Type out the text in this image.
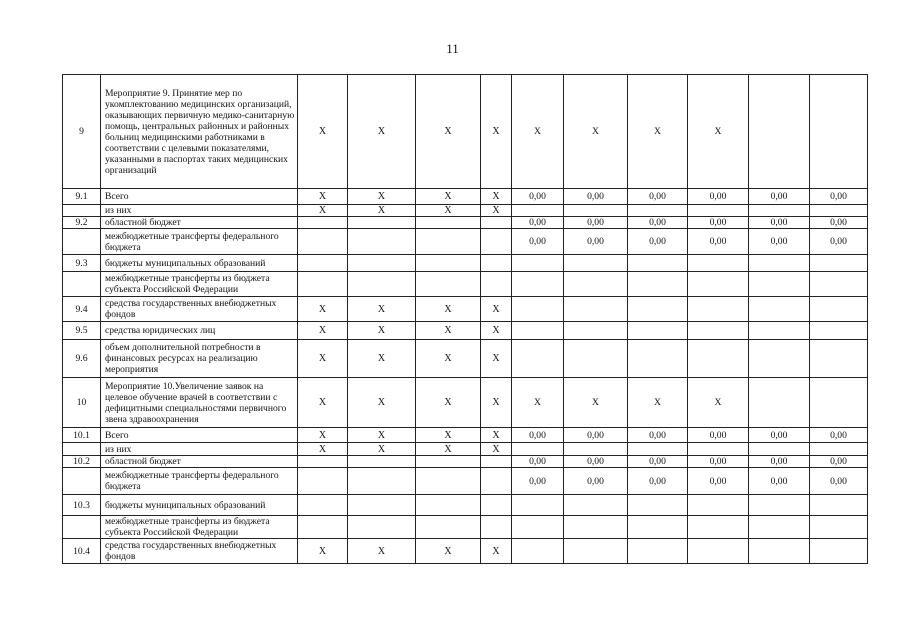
11
9	Мероприятие 9. Принятие мер по укомплектованию медицинских организаций, оказывающих первичную медико-санитарную помощь, центральных районных и районных больниц медицинскими работниками в соответствии с целевыми показателями, указанными в паспортах таких медицинских организаций	Х	Х	Х	Х	Х	Х	Х	Х		
9.1	Всего	Х	Х	Х	Х	0,00	0,00	0,00	0,00	0,00	0,00
	из них	Х	Х	Х	Х						
9.2	областной бюджет					0,00	0,00	0,00	0,00	0,00	0,00
	межбюджетные трансферты федерального бюджета					0,00	0,00	0,00	0,00	0,00	0,00
9.3	бюджеты муниципальных образований										
	межбюджетные трансферты из бюджета субъекта Российской Федерации										
9.4	средства государственных внебюджетных фондов	Х	Х	Х	Х						
9.5	средства юридических лиц	Х	Х	Х	Х						
9.6	объем дополнительной потребности в финансовых ресурсах на реализацию мероприятия	Х	Х	Х	Х						
10	Мероприятие 10.Увеличение заявок на целевое обучение врачей в соответствии с дефицитными специальностями первичного звена здравоохранения	Х	Х	Х	Х	Х	Х	Х	Х		
10.1	Всего	Х	Х	Х	Х	0,00	0,00	0,00	0,00	0,00	0,00
	из них	Х	Х	Х	Х						
10.2	областной бюджет					0,00	0,00	0,00	0,00	0,00	0,00
	межбюджетные трансферты федерального бюджета					0,00	0,00	0,00	0,00	0,00	0,00
10.3	бюджеты муниципальных образований										
	межбюджетные трансферты из бюджета субъекта Российской Федерации										
10.4	средства государственных внебюджетных фондов	Х	Х	Х	Х						
